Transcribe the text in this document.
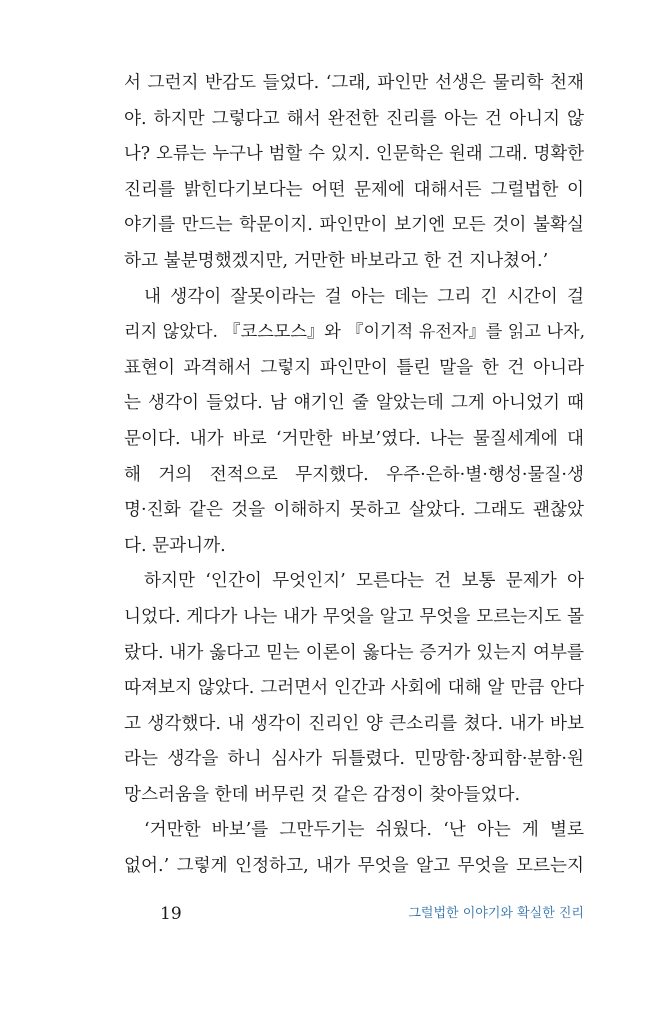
서 그런지 반감도 들었다. ‘그래, 파인만 선생은 물리학 천재
야. 하지만 그렇다고 해서 완전한 진리를 아는 건 아니지 않
나? 오류는 누구나 범할 수 있지. 인문학은 원래 그래. 명확한
진리를 밝힌다기보다는 어떤 문제에 대해서든 그럴법한 이
야기를 만드는 학문이지. 파인만이 보기엔 모든 것이 불확실
하고 불분명했겠지만, 거만한 바보라고 한 건 지나쳤어.’
내 생각이 잘못이라는 걸 아는 데는 그리 긴 시간이 걸
리지 않았다. 『코스모스』와 『이기적 유전자』를 읽고 나자,
표현이 과격해서 그렇지 파인만이 틀린 말을 한 건 아니라
는 생각이 들었다. 남 얘기인 줄 알았는데 그게 아니었기 때
문이다. 내가 바로 ‘거만한 바보’였다. 나는 물질세계에 대
해 거의 전적으로 무지했다. 우주·은하·별·행성·물질·생
명·진화 같은 것을 이해하지 못하고 살았다. 그래도 괜찮았
다. 문과니까.
하지만 ‘인간이 무엇인지’ 모른다는 건 보통 문제가 아
니었다. 게다가 나는 내가 무엇을 알고 무엇을 모르는지도 몰
랐다. 내가 옳다고 믿는 이론이 옳다는 증거가 있는지 여부를
따져보지 않았다. 그러면서 인간과 사회에 대해 알 만큼 안다
고 생각했다. 내 생각이 진리인 양 큰소리를 쳤다. 내가 바보
라는 생각을 하니 심사가 뒤틀렸다. 민망함·창피함·분함·원
망스러움을 한데 버무린 것 같은 감정이 찾아들었다.
‘거만한 바보’를 그만두기는 쉬웠다. ‘난 아는 게 별로
없어.’ 그렇게 인정하고, 내가 무엇을 알고 무엇을 모르는지
19	그럴법한 이야기와 확실한 진리
